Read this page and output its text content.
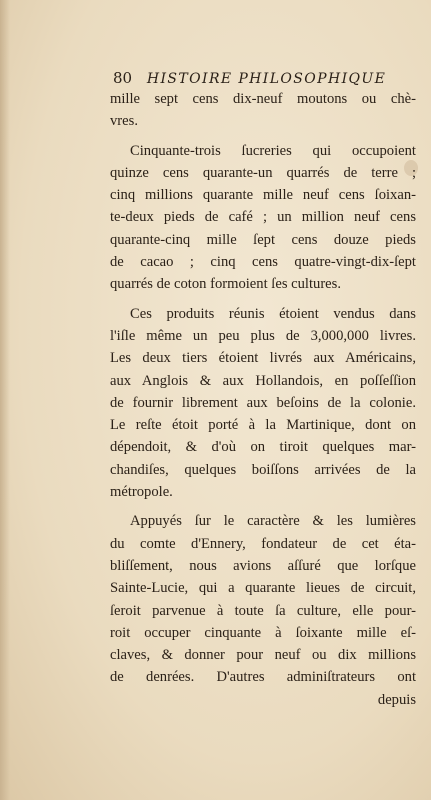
80 HISTOIRE PHILOSOPHIQUE
mille sept cens dix-neuf moutons ou chè-
vres.
Cinquante-trois ſucreries qui occupoient
quinze cens quarante-un quarrés de terre ;
cinq millions quarante mille neuf cens ſoixan-
te-deux pieds de café ; un million neuf cens
quarante-cinq mille ſept cens douze pieds
de cacao ; cinq cens quatre-vingt-dix-ſept
quarrés de coton formoient ſes cultures.
Ces produits réunis étoient vendus dans
l'iſle même un peu plus de 3,000,000 livres.
Les deux tiers étoient livrés aux Américains,
aux Anglois & aux Hollandois, en poſſeſſion
de fournir librement aux beſoins de la colonie.
Le reſte étoit porté à la Martinique, dont on
dépendoit, & d'où on tiroit quelques mar-
chandiſes, quelques boiſſons arrivées de la
métropole.
Appuyés ſur le caractère & les lumières
du comte d'Ennery, fondateur de cet éta-
bliſſement, nous avions aſſuré que lorſque
Sainte-Lucie, qui a quarante lieues de circuit,
ſeroit parvenue à toute ſa culture, elle pour-
roit occuper cinquante à ſoixante mille eſ-
claves, & donner pour neuf ou dix millions
de denrées. D'autres adminiſtrateurs ont
depuis
